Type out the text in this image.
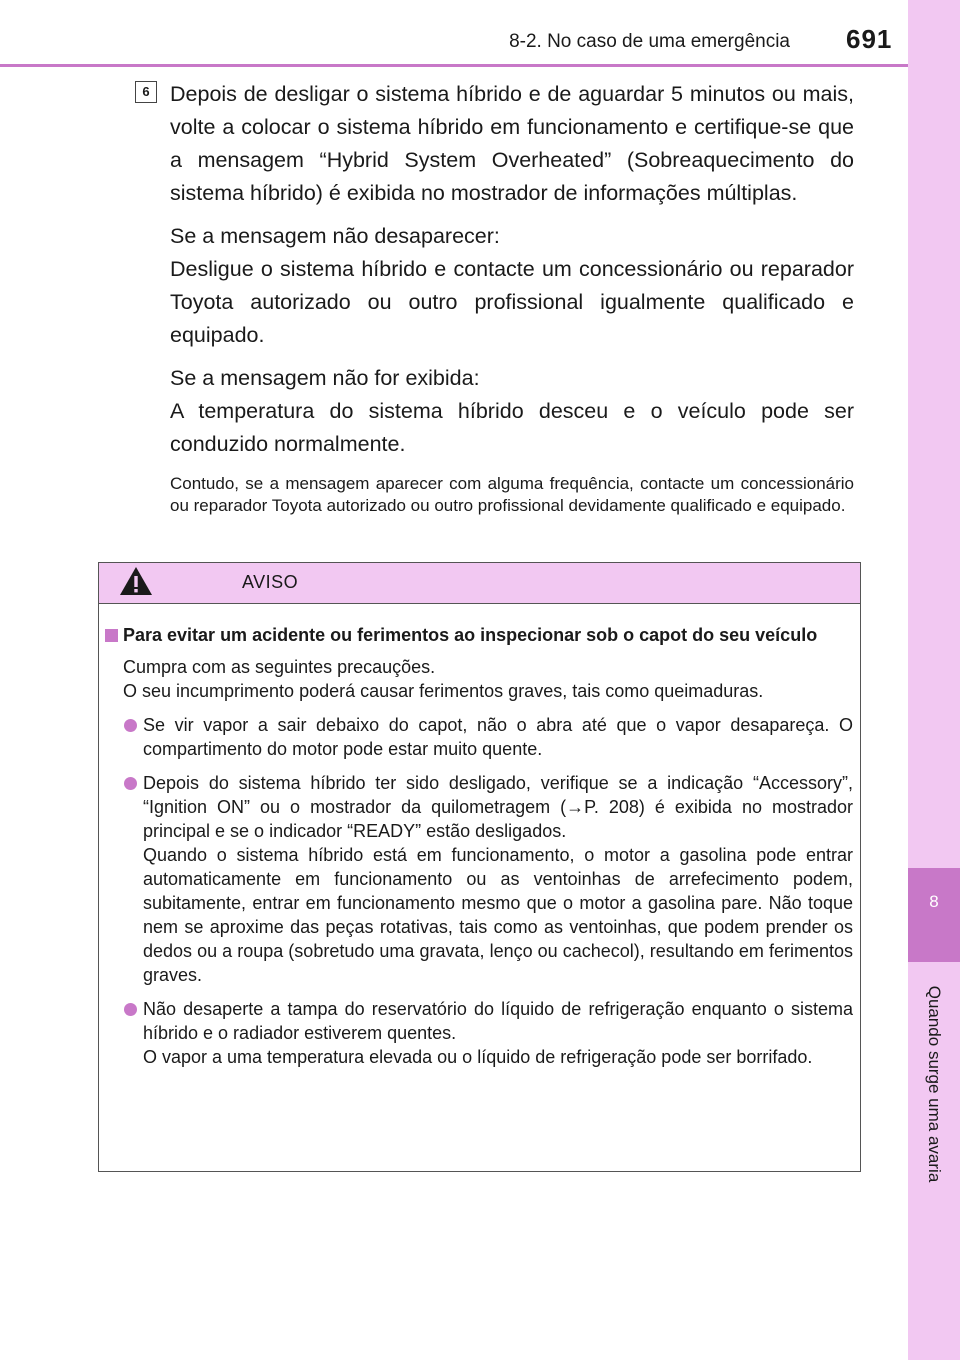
8
Quando surge uma avaria
8-2. No caso de uma emergência 691
6 Depois de desligar o sistema híbrido e de aguardar 5 minutos ou mais, volte a colocar o sistema híbrido em funcionamento e certifique-se que a mensagem “Hybrid System Overheated” (Sobreaquecimento do sistema híbrido) é exibida no mostrador de informações múltiplas.

Se a mensagem não desaparecer:

Desligue o sistema híbrido e contacte um concessionário ou reparador Toyota autorizado ou outro profissional igualmente qualificado e equipado.

Se a mensagem não for exibida:

A temperatura do sistema híbrido desceu e o veículo pode ser conduzido normalmente.

Contudo, se a mensagem aparecer com alguma frequência, contacte um concessionário ou reparador Toyota autorizado ou outro profissional devidamente qualificado e equipado.

AVISO
Para evitar um acidente ou ferimentos ao inspecionar sob o capot do seu veículo

Cumpra com as seguintes precauções.

O seu incumprimento poderá causar ferimentos graves, tais como queimaduras.

Se vir vapor a sair debaixo do capot, não o abra até que o vapor desapareça. O compartimento do motor pode estar muito quente.

Depois do sistema híbrido ter sido desligado, verifique se a indicação “Accessory”, “Ignition ON” ou o mostrador da quilometragem (→P. 208) é exibida no mostrador principal e se o indicador “READY” estão desligados.

Quando o sistema híbrido está em funcionamento, o motor a gasolina pode entrar automaticamente em funcionamento ou as ventoinhas de arrefecimento podem, subitamente, entrar em funcionamento mesmo que o motor a gasolina pare. Não toque nem se aproxime das peças rotativas, tais como as ventoinhas, que podem prender os dedos ou a roupa (sobretudo uma gravata, lenço ou cachecol), resultando em ferimentos graves.

Não desaperte a tampa do reservatório do líquido de refrigeração enquanto o sistema híbrido e o radiador estiverem quentes.

O vapor a uma temperatura elevada ou o líquido de refrigeração pode ser borrifado.
